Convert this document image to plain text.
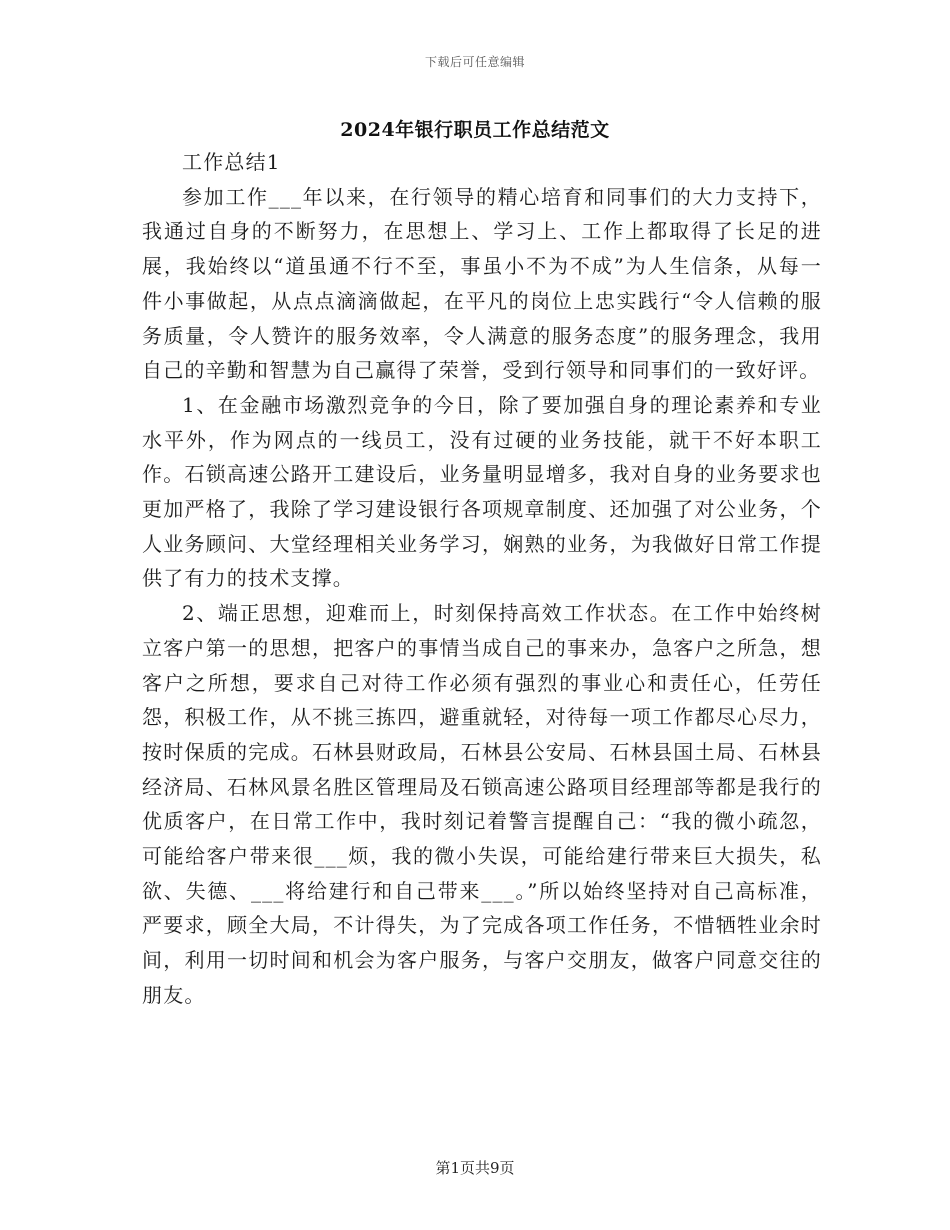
下载后可任意编辑
2024年银行职员工作总结范文

工作总结1

参加工作___年以来，在行领导的精心培育和同事们的大力支持下，我通过自身的不断努力，在思想上、学习上、工作上都取得了长足的进展，我始终以“道虽通不行不至，事虽小不为不成”为人生信条，从每一件小事做起，从点点滴滴做起，在平凡的岗位上忠实践行“令人信赖的服务质量，令人赞许的服务效率，令人满意的服务态度”的服务理念，我用自己的辛勤和智慧为自己赢得了荣誉，受到行领导和同事们的一致好评。

1、在金融市场激烈竞争的今日，除了要加强自身的理论素养和专业水平外，作为网点的一线员工，没有过硬的业务技能，就干不好本职工作。石锁高速公路开工建设后，业务量明显增多，我对自身的业务要求也更加严格了，我除了学习建设银行各项规章制度、还加强了对公业务，个人业务顾问、大堂经理相关业务学习，娴熟的业务，为我做好日常工作提供了有力的技术支撑。

2、端正思想，迎难而上，时刻保持高效工作状态。在工作中始终树立客户第一的思想，把客户的事情当成自己的事来办，急客户之所急，想客户之所想，要求自己对待工作必须有强烈的事业心和责任心，任劳任怨，积极工作，从不挑三拣四，避重就轻，对待每一项工作都尽心尽力，按时保质的完成。石林县财政局，石林县公安局、石林县国土局、石林县经济局、石林风景名胜区管理局及石锁高速公路项目经理部等都是我行的优质客户，在日常工作中，我时刻记着警言提醒自己：“我的微小疏忽，可能给客户带来很___烦，我的微小失误，可能给建行带来巨大损失，私欲、失德、___将给建行和自己带来___。”所以始终坚持对自己高标准，严要求，顾全大局，不计得失，为了完成各项工作任务，不惜牺牲业余时间，利用一切时间和机会为客户服务，与客户交朋友，做客户同意交往的朋友。

第1页共9页
